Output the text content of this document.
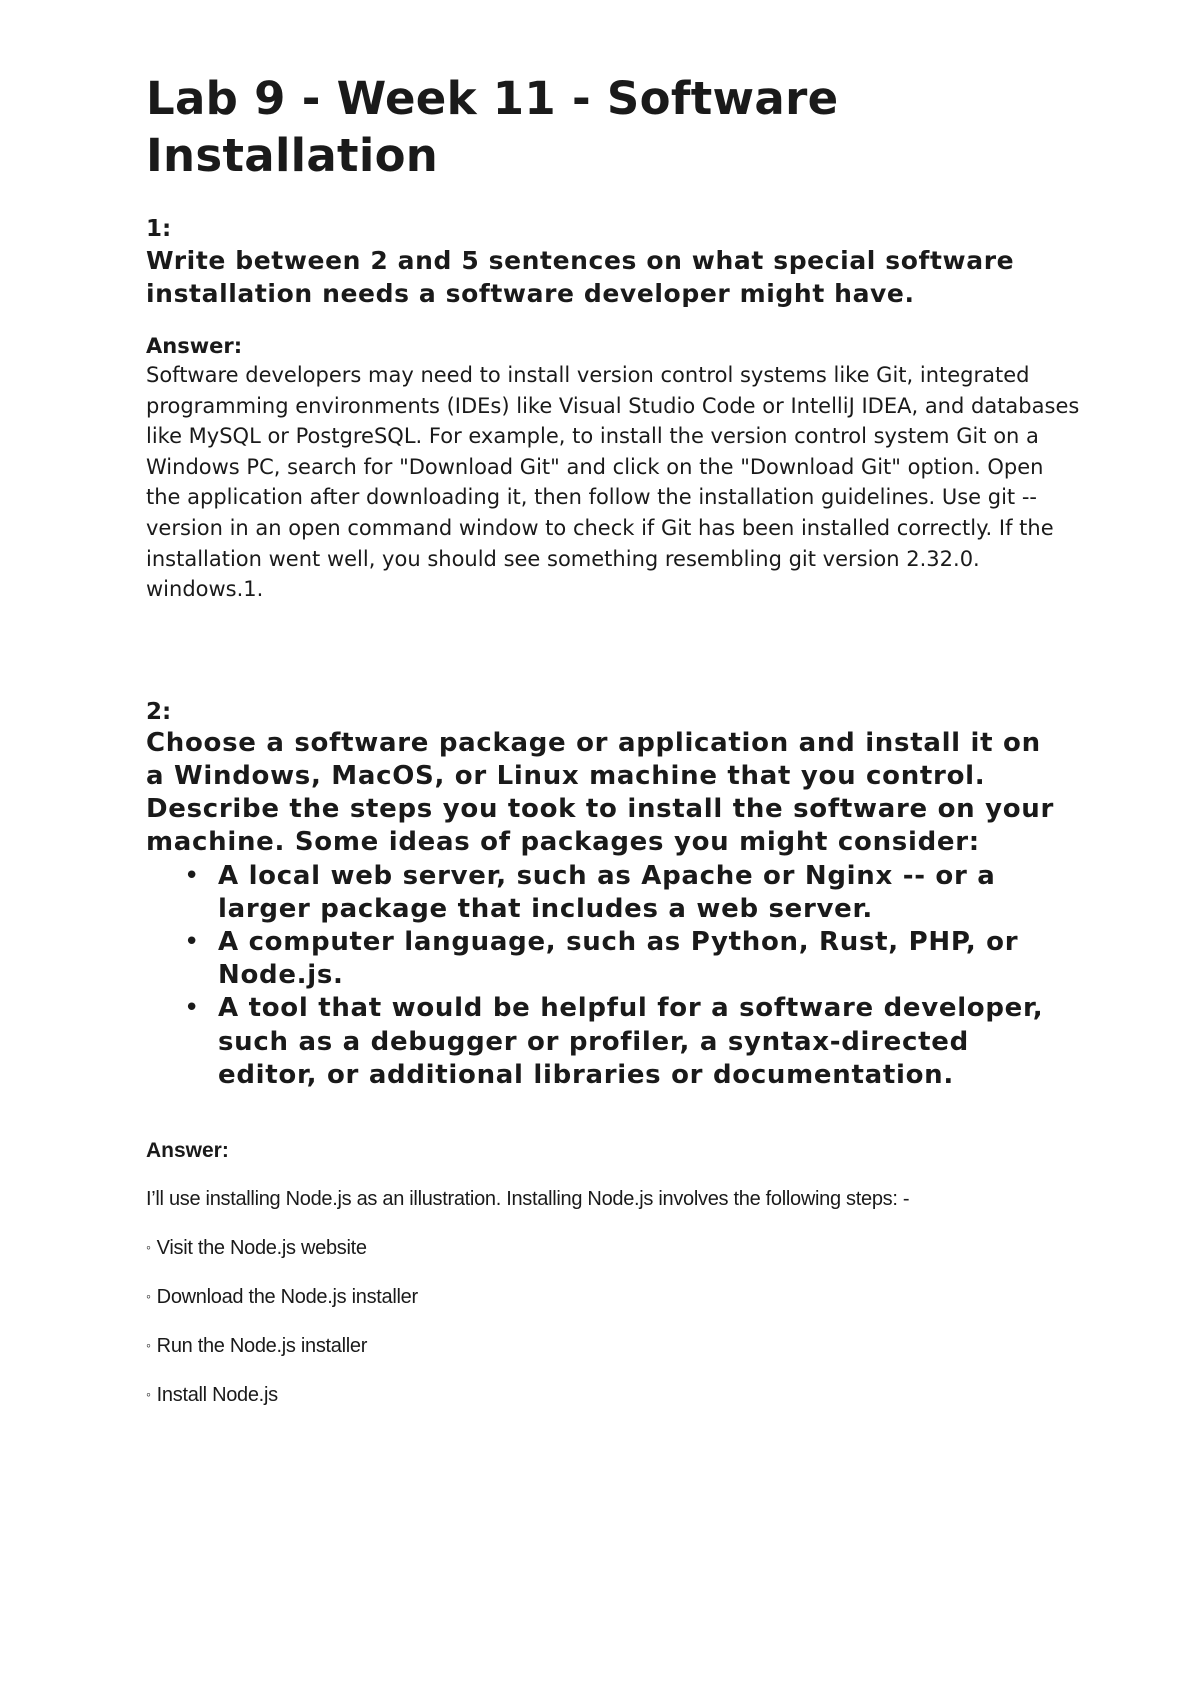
Lab 9 - Week 11 - Software Installation
1:

Write between 2 and 5 sentences on what special software installation needs a software developer might have.

Answer:

Software developers may need to install version control systems like Git, integrated programming environments (IDEs) like Visual Studio Code or IntelliJ IDEA, and databases like MySQL or PostgreSQL. For example, to install the version control system Git on a Windows PC, search for "Download Git" and click on the "Download Git" option. Open the application after downloading it, then follow the installation guidelines. Use git --version in an open command window to check if Git has been installed correctly. If the installation went well, you should see something resembling git version 2.32.0. windows.1.

2:

Choose a software package or application and install it on a Windows, MacOS, or Linux machine that you control. Describe the steps you took to install the software on your machine. Some ideas of packages you might consider:

• A local web server, such as Apache or Nginx -- or a larger package that includes a web server.
• A computer language, such as Python, Rust, PHP, or Node.js.
• A tool that would be helpful for a software developer, such as a debugger or profiler, a syntax-directed editor, or additional libraries or documentation.
Answer:

I’ll use installing Node.js as an illustration. Installing Node.js involves the following steps: -

◦ Visit the Node.js website
◦ Download the Node.js installer
◦ Run the Node.js installer
◦ Install Node.js
